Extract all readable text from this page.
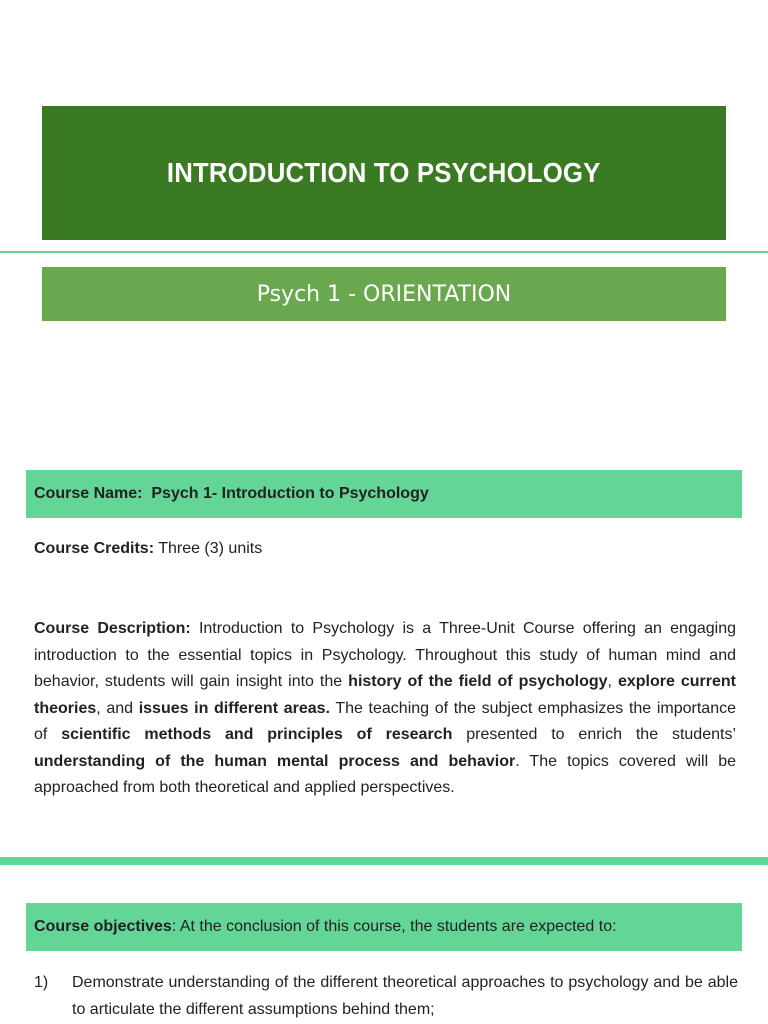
INTRODUCTION TO PSYCHOLOGY
Psych 1 - ORIENTATION
Course Name:
Psych 1- Introduction to Psychology
Course Credits: Three (3) units
Course Description: Introduction to Psychology is a Three-Unit Course offering an engaging introduction to the essential topics in Psychology. Throughout this study of human mind and behavior, students will gain insight into the history of the field of psychology, explore current theories, and issues in different areas. The teaching of the subject emphasizes the importance of scientific methods and principles of research presented to enrich the students’ understanding of the human mental process and behavior. The topics covered will be approached from both theoretical and applied perspectives.
Course objectives : At the conclusion of this course, the students are expected to:
1)	Demonstrate understanding of the different theoretical approaches to psychology and be able to articulate the different assumptions behind them;
